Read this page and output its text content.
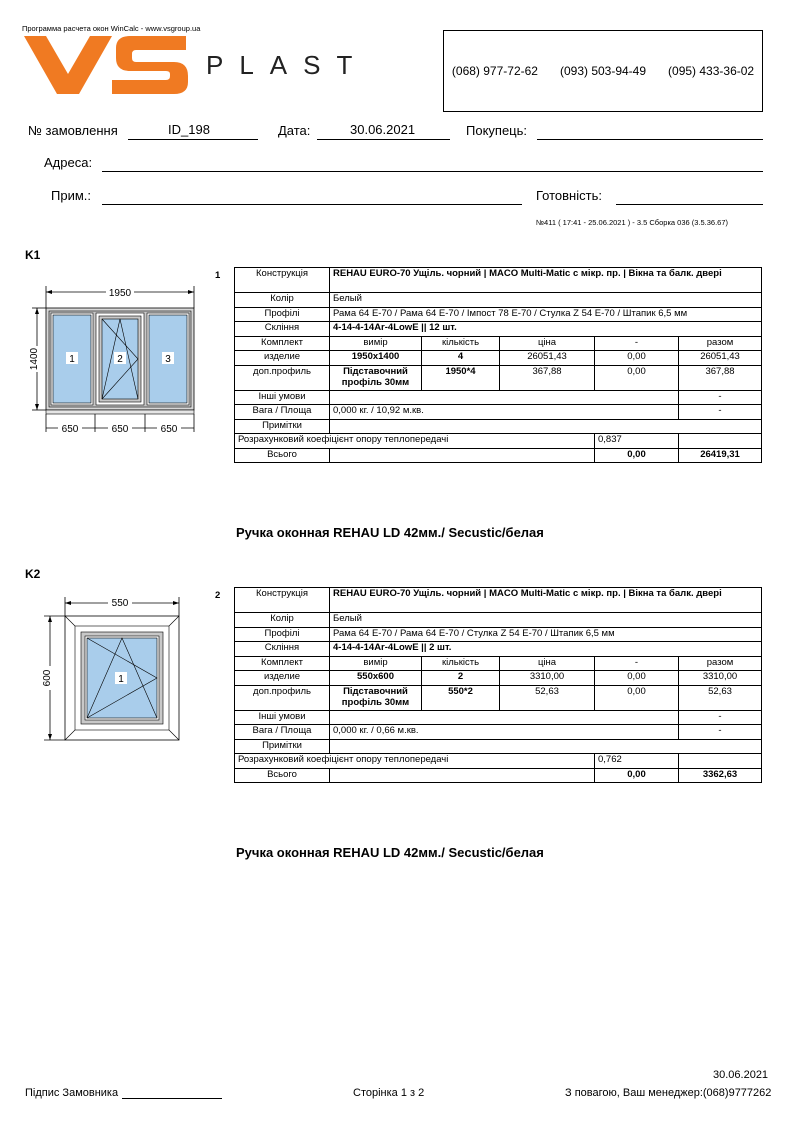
Программа расчета окон WinCalc - www.vsgroup.ua
PLAST	(068) 977-72-62 (093) 503-94-49 (095) 433-36-02
№ замовлення	ID_198	Дата:	30.06.2021	Покупець:
Адреса:
Прим.:	Готовність:
№411 ( 17:41 - 25.06.2021 ) - 3.5 Сборка 036 (3.5.36.67)
K1
1
1950
1400	1	2	3
650	650	650
Конструкція	REHAU EURO-70 Ущіль. чорний | MACO Multi-Matic с мікр. пр. | Вікна та балк. двері				
Колір	Белый				
Профілі	Рама 64 E-70 / Рама 64 E-70 / Імпост 78 E-70 / Стулка Z 54 E-70 / Штапик 6,5 мм				
Склiння	4-14-4-14Ar-4LowE || 12 шт.				
Комплект	вимір	кількість	ціна	-	разом
изделие	1950x1400	4	26051,43	0,00	26051,43
доп.профиль	Підставочний профіль 30мм	1950*4	367,88	0,00	367,88
Інші умови					-
Вага / Площа	0,000 кг. / 10,92 м.кв.				-
Примітки					
Розрахунковий коефіцієнт опору теплопередачі				0,837	
Всього				0,00	26419,31
Ручка оконная REHAU LD 42мм./ Secustic/белая
K2
2
550
600	1
Конструкція	REHAU EURO-70 Ущіль. чорний | MACO Multi-Matic с мікр. пр. | Вікна та балк. двері				
Колір	Белый				
Профілі	Рама 64 E-70 / Рама 64 E-70 / Стулка Z 54 E-70 / Штапик 6,5 мм				
Склiння	4-14-4-14Ar-4LowE || 2 шт.				
Комплект	вимір	кількість	ціна	-	разом
изделие	550x600	2	3310,00	0,00	3310,00
доп.профиль	Підставочний профіль 30мм	550*2	52,63	0,00	52,63
Інші умови					-
Вага / Площа	0,000 кг. / 0,66 м.кв.				-
Примітки					
Розрахунковий коефіцієнт опору теплопередачі				0,762	
Всього				0,00	3362,63
Ручка оконная REHAU LD 42мм./ Secustic/белая
30.06.2021
Підпис Замовника	Сторінка 1 з 2	З повагою, Ваш менеджер:(068)9777262
